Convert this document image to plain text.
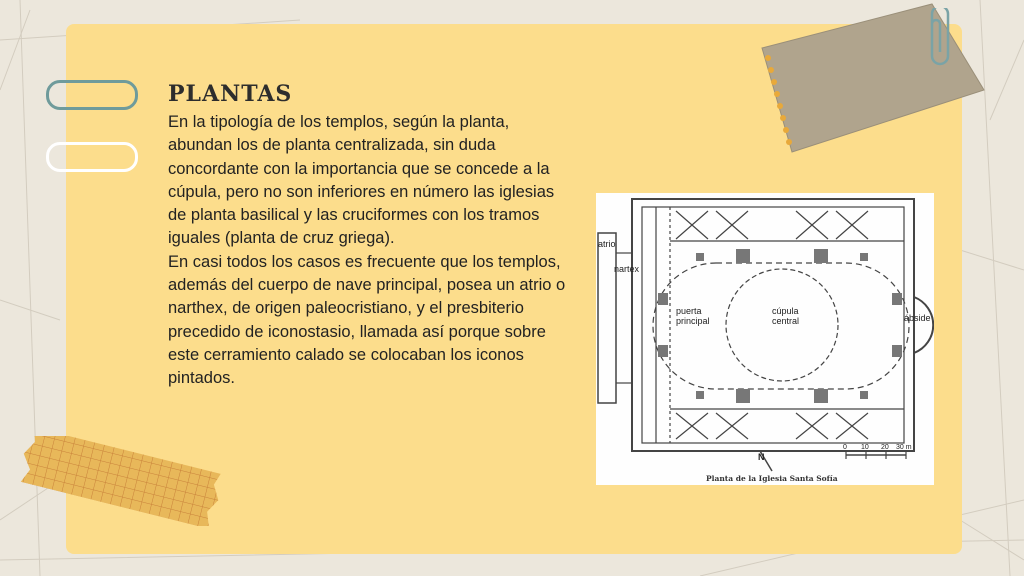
PLANTAS

En la tipología de los templos, según la planta, abundan los de planta centralizada, sin duda concordante con la importancia que se concede a la cúpula, pero no son inferiores en número las iglesias de planta basilical y las cruciformes con los tramos iguales (planta de cruz griega).

En casi todos los casos es frecuente que los templos, además del cuerpo de nave principal, posea un atrio o narthex, de origen paleocristiano, y el presbiterio precedido de iconostasio, llamada así porque sobre este cerramiento calado se colocaban los iconos pintados.

atrio
nartex
puerta
principal
cúpula
central	ábside
N
0 10 20 30 m
Planta de la Iglesia Santa Sofía
